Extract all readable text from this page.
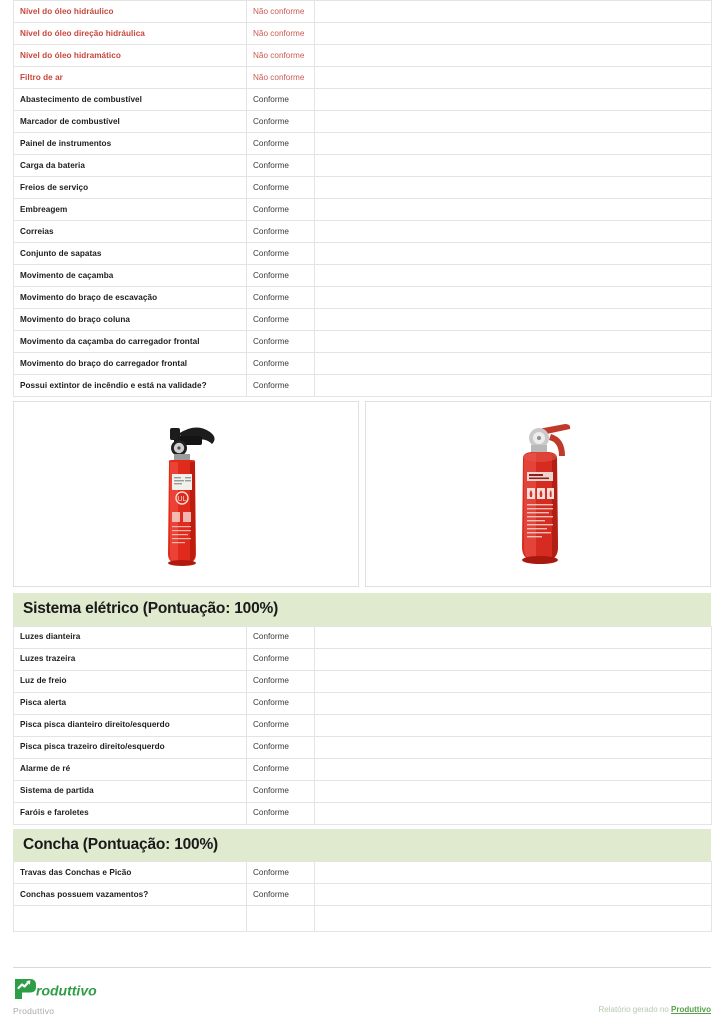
Nível do óleo hidráulico	Não conforme	
Nível do óleo direção hidráulica	Não conforme	
Nível do óleo hidramático	Não conforme	
Filtro de ar	Não conforme	
Abastecimento de combustível	Conforme	
Marcador de combustível	Conforme	
Painel de instrumentos	Conforme	
Carga da bateria	Conforme	
Freios de serviço	Conforme	
Embreagem	Conforme	
Correias	Conforme	
Conjunto de sapatas	Conforme	
Movimento de caçamba	Conforme	
Movimento do braço de escavação	Conforme	
Movimento do braço coluna	Conforme	
Movimento da caçamba do carregador frontal	Conforme	
Movimento do braço do carregador frontal	Conforme	
Possui extintor de incêndio e está na validade?	Conforme	
UL
Sistema elétrico (Pontuação: 100%)
Luzes dianteira	Conforme	
Luzes trazeira	Conforme	
Luz de freio	Conforme	
Pisca alerta	Conforme	
Pisca pisca dianteiro direito/esquerdo	Conforme	
Pisca pisca trazeiro direito/esquerdo	Conforme	
Alarme de ré	Conforme	
Sistema de partida	Conforme	
Faróis e faroletes	Conforme	
Concha (Pontuação: 100%)
Travas das Conchas e Picão	Conforme	
Conchas possuem vazamentos?	Conforme	

roduttivo
Produttivo	Relatório gerado no Produttivo
